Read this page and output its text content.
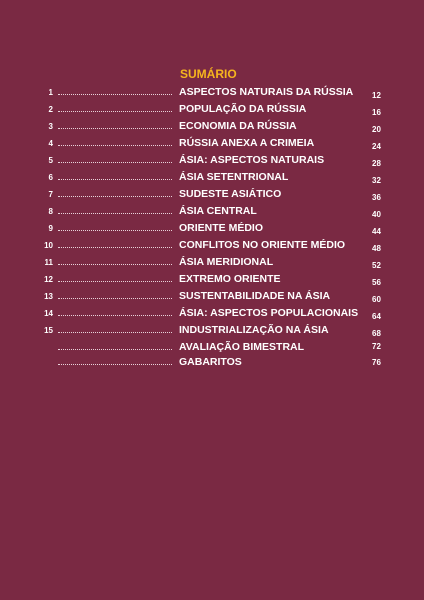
SUMÁRIO
1	ASPECTOS NATURAIS DA RÚSSIA 12
2	POPULAÇÃO DA RÚSSIA	16
3	ECONOMIA DA RÚSSIA	20
4	RÚSSIA ANEXA A CRIMEIA	24
5	ÁSIA: ASPECTOS NATURAIS	28
6	ÁSIA SETENTRIONAL	32
7	SUDESTE ASIÁTICO	36
8	ÁSIA CENTRAL	40
9	ORIENTE MÉDIO	44
10	CONFLITOS NO ORIENTE MÉDIO	48
11	ÁSIA MERIDIONAL	52
12	EXTREMO ORIENTE	56
13	SUSTENTABILIDADE NA ÁSIA	60
14	ÁSIA: ASPECTOS POPULACIONAIS 64
15	INDUSTRIALIZAÇÃO NA ÁSIA	68
AVALIAÇÃO BIMESTRAL	72
GABARITOS	76
